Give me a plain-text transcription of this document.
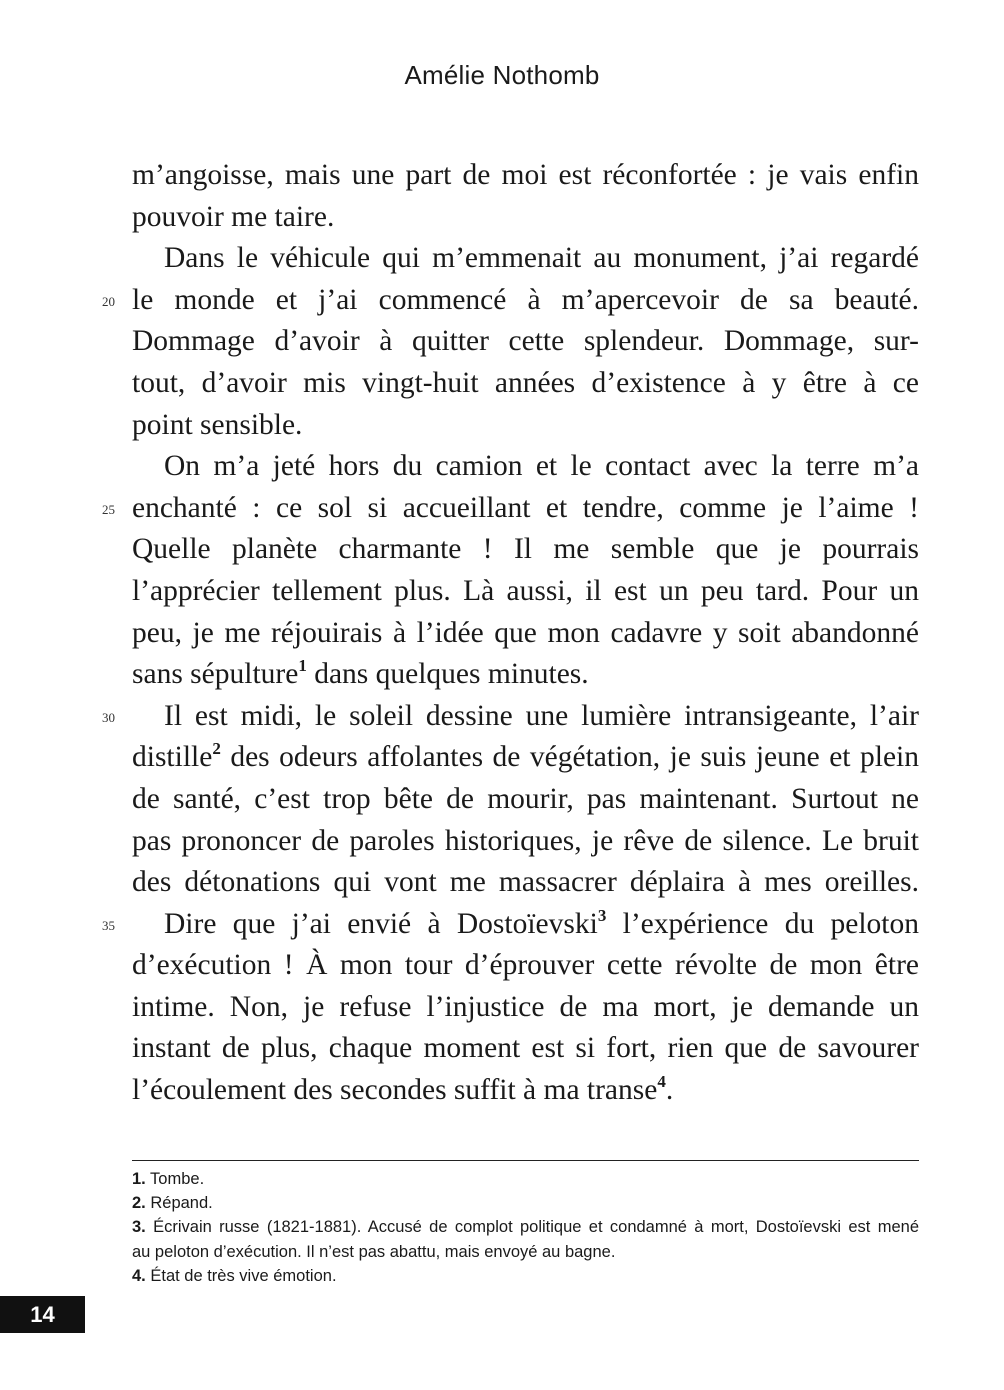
Amélie Nothomb
m’angoisse, mais une part de moi est réconfortée : je vais enfin
pouvoir me taire.
Dans le véhicule qui m’emmenait au monument, j’ai regardé
le monde et j’ai commencé à m’apercevoir de sa beauté.
Dommage d’avoir à quitter cette splendeur. Dommage, sur-
tout, d’avoir mis vingt-huit années d’existence à y être à ce
point sensible.
On m’a jeté hors du camion et le contact avec la terre m’a
enchanté : ce sol si accueillant et tendre, comme je l’aime !
Quelle planète charmante ! Il me semble que je pourrais
l’apprécier tellement plus. Là aussi, il est un peu tard. Pour un
peu, je me réjouirais à l’idée que mon cadavre y soit abandonné
sans sépulture$^1$ dans quelques minutes.
Il est midi, le soleil dessine une lumière intransigeante, l’air
distille$^2$ des odeurs affolantes de végétation, je suis jeune et plein
de santé, c’est trop bête de mourir, pas maintenant. Surtout ne
pas prononcer de paroles historiques, je rêve de silence. Le bruit
des détonations qui vont me massacrer déplaira à mes oreilles.
Dire que j’ai envié à Dostoïevski$^3$ l’expérience du peloton
d’exécution ! À mon tour d’éprouver cette révolte de mon être
intime. Non, je refuse l’injustice de ma mort, je demande un
instant de plus, chaque moment est si fort, rien que de savourer
l’écoulement des secondes suffit à ma transe$^4$.
20
25
30
35
1. Tombe.
2. Répand.
3. Écrivain russe (1821-1881). Accusé de complot politique et condamné à mort, Dostoïevski est mené
au peloton d’exécution. Il n’est pas abattu, mais envoyé au bagne.
4. État de très vive émotion.
14
